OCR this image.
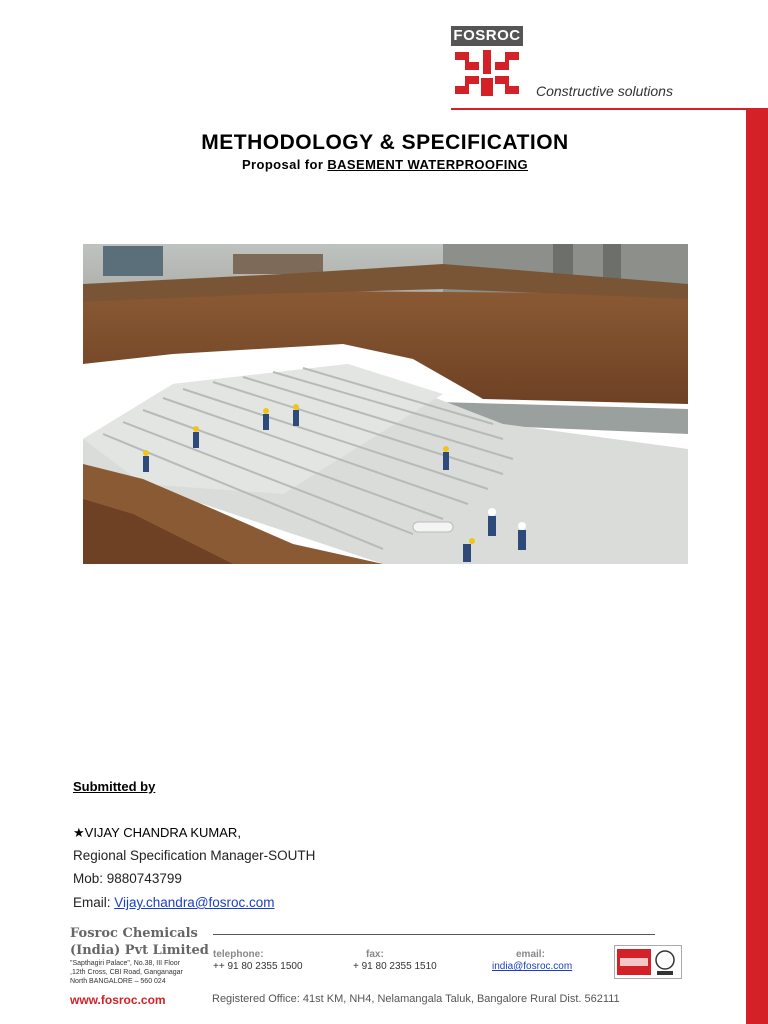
FOSROC
Constructive solutions
METHODOLOGY & SPECIFICATION
Proposal for BASEMENT WATERPROOFING
Submitted by
★VIJAY CHANDRA KUMAR,
Regional Specification Manager-SOUTH
Mob: 9880743799
Email: Vijay.chandra@fosroc.com
Fosroc Chemicals
(India) Pvt Limited
"Sapthagiri Palace", No.38, III Floor
,12th Cross, CBI Road, Ganganagar
North BANGALORE – 560 024
www.fosroc.com
telephone:
++ 91 80 2355 1500
fax:
+ 91 80 2355 1510
email:
india@fosroc.com
Registered Office: 41st KM, NH4, Nelamangala Taluk, Bangalore Rural Dist. 562111
